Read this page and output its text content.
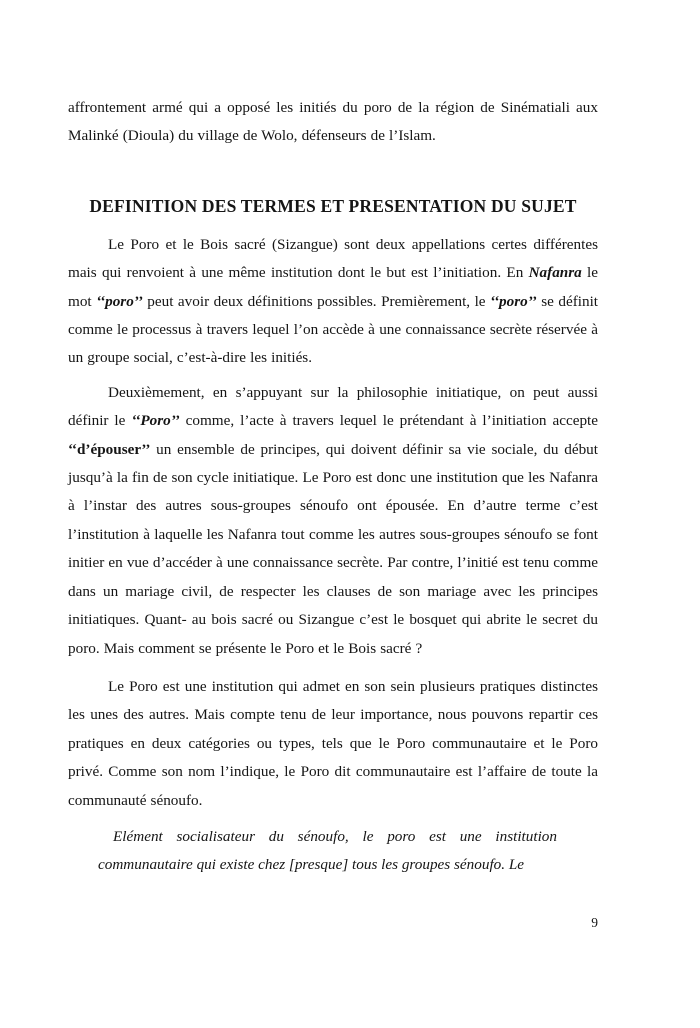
affrontement armé qui a opposé les initiés du poro de la région de Sinématiali aux Malinké (Dioula) du village de Wolo, défenseurs de l’Islam.

DEFINITION DES TERMES ET PRESENTATION DU SUJET

Le Poro et le Bois sacré (Sizangue) sont deux appellations certes différentes mais qui renvoient à une même institution dont le but est l’initiation. En Nafanra le mot ‘‘poro’’ peut avoir deux définitions possibles. Premièrement, le ‘‘poro’’ se définit comme le processus à travers lequel l’on accède à une connaissance secrète réservée à un groupe social, c’est-à-dire les initiés.

Deuxièmement, en s’appuyant sur la philosophie initiatique, on peut aussi définir le ‘‘Poro’’ comme, l’acte à travers lequel le prétendant à l’initiation accepte ‘‘d’épouser’’ un ensemble de principes, qui doivent définir sa vie sociale, du début jusqu’à la fin de son cycle initiatique. Le Poro est donc une institution que les Nafanra à l’instar des autres sous-groupes sénoufo ont épousée. En d’autre terme c’est l’institution à laquelle les Nafanra tout comme les autres sous-groupes sénoufo se font initier en vue d’accéder à une connaissance secrète. Par contre, l’initié est tenu comme dans un mariage civil, de respecter les clauses de son mariage avec les principes initiatiques. Quant- au bois sacré ou Sizangue c’est le bosquet qui abrite le secret du poro. Mais comment se présente le Poro et le Bois sacré ?

Le Poro est une institution qui admet en son sein plusieurs pratiques distinctes les unes des autres. Mais compte tenu de leur importance, nous pouvons repartir ces pratiques en deux catégories ou types, tels que le Poro communautaire et le Poro privé. Comme son nom l’indique, le Poro dit communautaire est l’affaire de toute la communauté sénoufo.

Elément socialisateur du sénoufo, le poro est une institution communautaire qui existe chez [presque] tous les groupes sénoufo. Le
9
